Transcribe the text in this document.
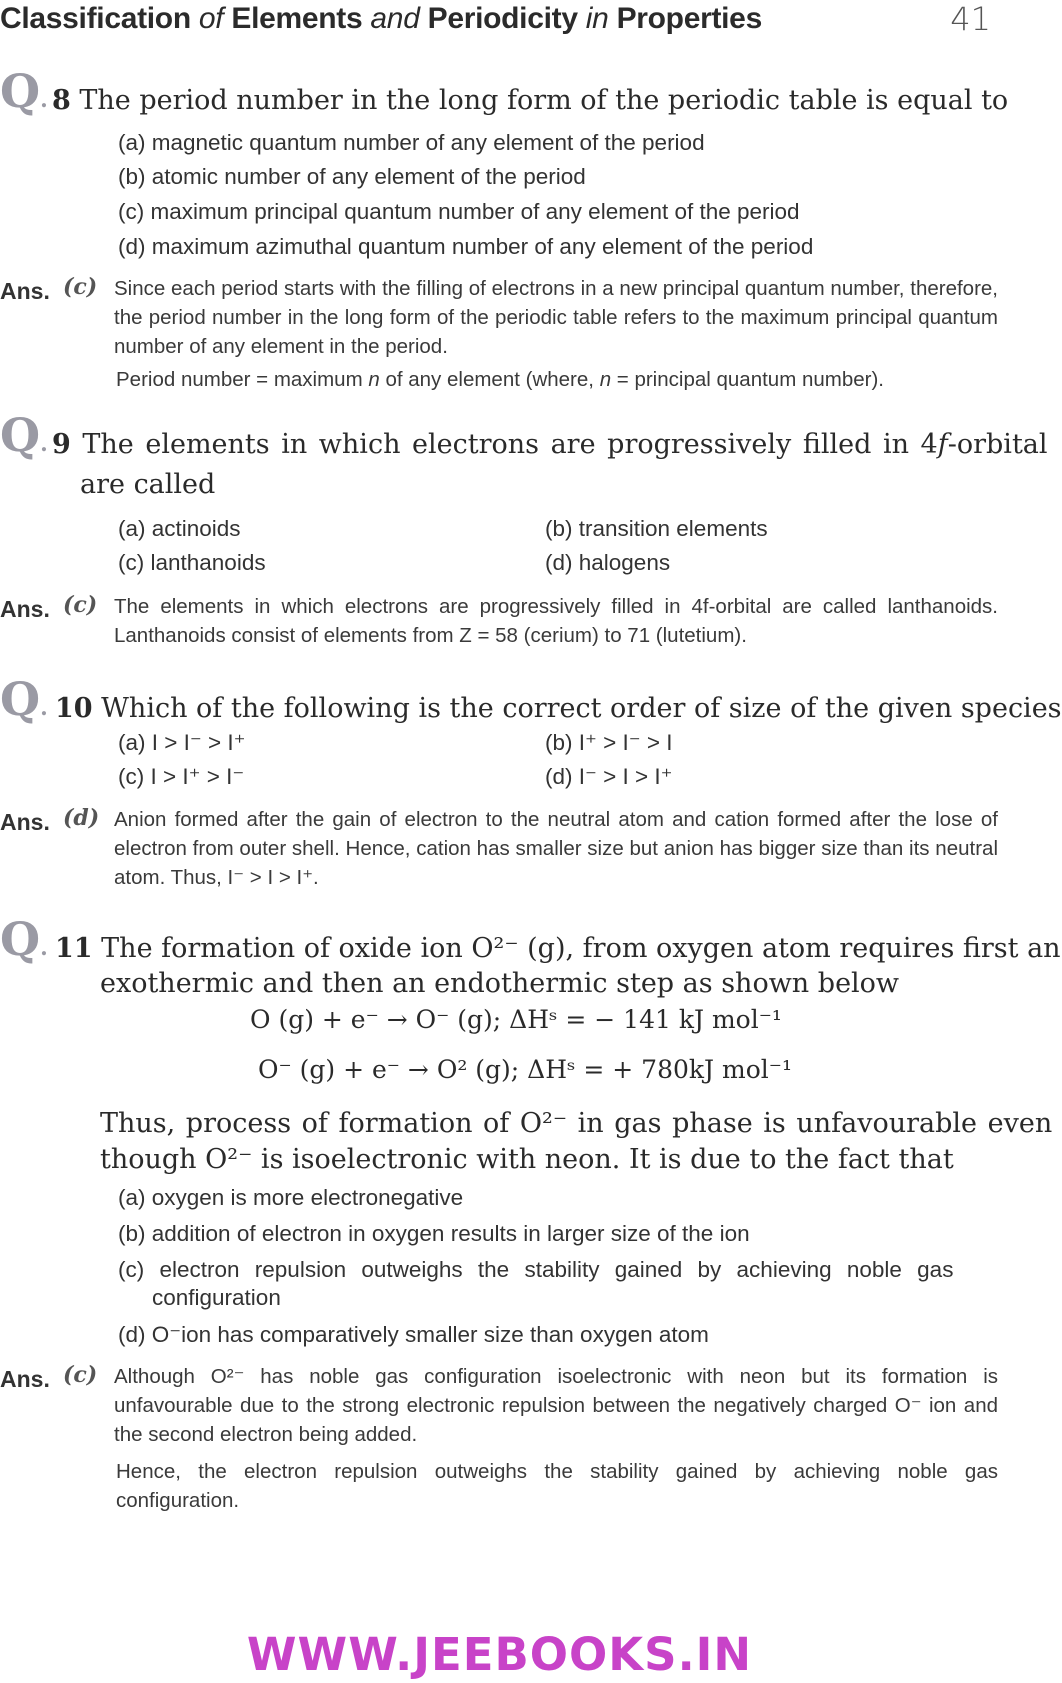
Classification of Elements and Periodicity in Properties	41
Q. 8 The period number in the long form of the periodic table is equal to
(a) magnetic quantum number of any element of the period
(b) atomic number of any element of the period
(c) maximum principal quantum number of any element of the period
(d) maximum azimuthal quantum number of any element of the period
Ans. (c) Since each period starts with the filling of electrons in a new principal quantum number, therefore, the period number in the long form of the periodic table refers to the maximum principal quantum number of any element in the period.
Period number = maximum n of any element (where, n = principal quantum number).
Q. 9 The elements in which electrons are progressively filled in 4f-orbital
are called
(a) actinoids	(b) transition elements
(c) lanthanoids	(d) halogens
Ans. (c) The elements in which electrons are progressively filled in 4f-orbital are called lanthanoids. Lanthanoids consist of elements from Z = 58 (cerium) to 71 (lutetium).
Q. 10 Which of the following is the correct order of size of the given species
(a) I > I⁻ > I⁺	(b) I⁺ > I⁻ > I
(c) I > I⁺ > I⁻	(d) I⁻ > I > I⁺
Ans. (d) Anion formed after the gain of electron to the neutral atom and cation formed after the lose of electron from outer shell. Hence, cation has smaller size but anion has bigger size than its neutral atom. Thus, I⁻ > I > I⁺.
Q. 11 The formation of oxide ion O²⁻ (g), from oxygen atom requires first an
exothermic and then an endothermic step as shown below
O (g) + e⁻ → O⁻ (g); ΔHˢ = − 141 kJ mol⁻¹
O⁻ (g) + e⁻ → O² (g); ΔHˢ = + 780kJ mol⁻¹
Thus, process of formation of O²⁻ in gas phase is unfavourable even
though O²⁻ is isoelectronic with neon. It is due to the fact that
(a) oxygen is more electronegative
(b) addition of electron in oxygen results in larger size of the ion
(c) electron repulsion outweighs the stability gained by achieving noble gas
configuration
(d) O⁻ion has comparatively smaller size than oxygen atom
Ans. (c) Although O²⁻ has noble gas configuration isoelectronic with neon but its formation is unfavourable due to the strong electronic repulsion between the negatively charged O⁻ ion and the second electron being added.
Hence, the electron repulsion outweighs the stability gained by achieving noble gas configuration.
WWW.JEEBOOKS.IN
